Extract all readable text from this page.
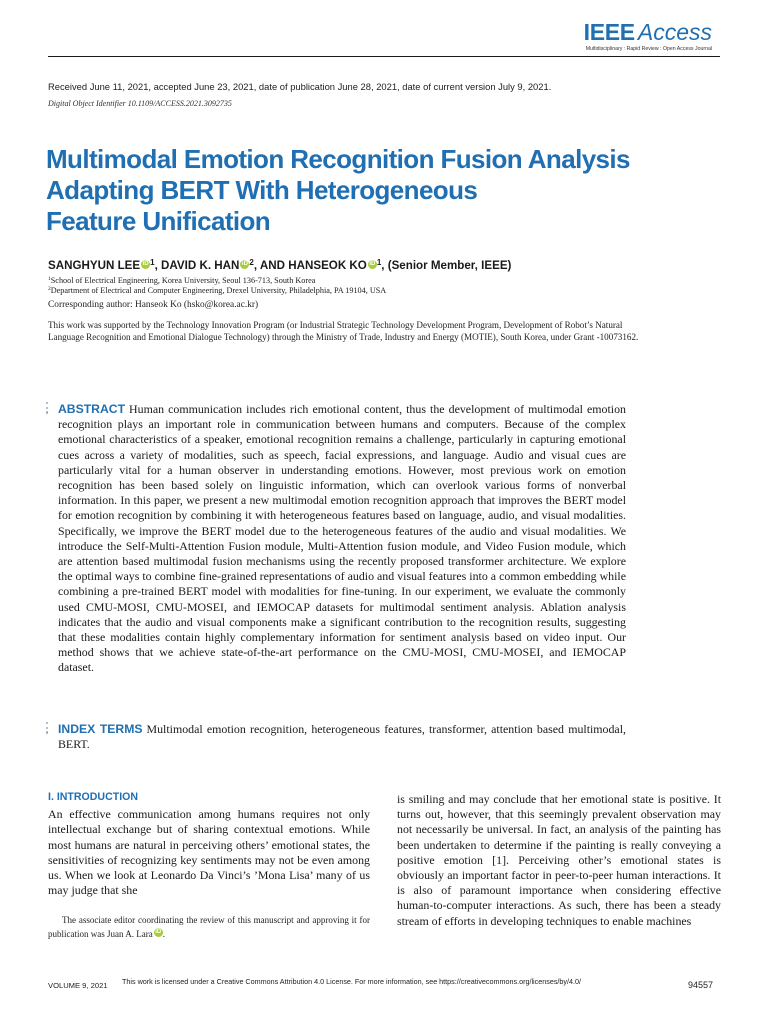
IEEE Access
Multidisciplinary : Rapid Review : Open Access Journal
Received June 11, 2021, accepted June 23, 2021, date of publication June 28, 2021, date of current version July 9, 2021.
Digital Object Identifier 10.1109/ACCESS.2021.3092735
Multimodal Emotion Recognition Fusion Analysis
Adapting BERT With Heterogeneous
Feature Unification
SANGHYUN LEE iD $^1$, DAVID K. HAN iD $^2$, AND HANSEOK KO iD $^1$, (Senior Member, IEEE)
$^1$School of Electrical Engineering, Korea University, Seoul 136-713, South Korea
$^2$Department of Electrical and Computer Engineering, Drexel University, Philadelphia, PA 19104, USA
Corresponding author: Hanseok Ko (hsko@korea.ac.kr)
This work was supported by the Technology Innovation Program (or Industrial Strategic Technology Development Program, Development of Robot’s Natural Language Recognition and Emotional Dialogue Technology) through the Ministry of Trade, Industry and Energy (MOTIE), South Korea, under Grant -10073162.

ABSTRACT Human communication includes rich emotional content, thus the development of multimodal emotion recognition plays an important role in communication between humans and computers. Because of the complex emotional characteristics of a speaker, emotional recognition remains a challenge, particularly in capturing emotional cues across a variety of modalities, such as speech, facial expressions, and language. Audio and visual cues are particularly vital for a human observer in understanding emotions. However, most previous work on emotion recognition has been based solely on linguistic information, which can overlook various forms of nonverbal information. In this paper, we present a new multimodal emotion recognition approach that improves the BERT model for emotion recognition by combining it with heterogeneous features based on language, audio, and visual modalities. Specifically, we improve the BERT model due to the heterogeneous features of the audio and visual modalities. We introduce the Self-Multi-Attention Fusion module, Multi-Attention fusion module, and Video Fusion module, which are attention based multimodal fusion mechanisms using the recently proposed transformer architecture. We explore the optimal ways to combine fine-grained representations of audio and visual features into a common embedding while combining a pre-trained BERT model with modalities for fine-tuning. In our experiment, we evaluate the commonly used CMU-MOSI, CMU-MOSEI, and IEMOCAP datasets for multimodal sentiment analysis. Ablation analysis indicates that the audio and visual components make a significant contribution to the recognition results, suggesting that these modalities contain highly complementary information for sentiment analysis based on video input. Our method shows that we achieve state-of-the-art performance on the CMU-MOSI, CMU-MOSEI, and IEMOCAP dataset.

INDEX TERMS Multimodal emotion recognition, heterogeneous features, transformer, attention based multimodal, BERT.

I. INTRODUCTION

An effective communication among humans requires not only intellectual exchange but of sharing contextual emotions. While most humans are natural in perceiving others’ emotional states, the sensitivities of recognizing key sentiments may not be even among us. When we look at Leonardo Da Vinci’s ’Mona Lisa’ many of us may judge that she

is smiling and may conclude that her emotional state is positive. It turns out, however, that this seemingly prevalent observation may not necessarily be universal. In fact, an analysis of the painting has been undertaken to determine if the painting is really conveying a positive emotion [1]. Perceiving other’s emotional states is obviously an important factor in peer-to-peer human interactions. It is also of paramount importance when considering effective human-to-computer interactions. As such, there has been a steady stream of efforts in developing techniques to enable machines

The associate editor coordinating the review of this manuscript and approving it for publication was Juan A. Lara iD .
VOLUME 9, 2021 This work is licensed under a Creative Commons Attribution 4.0 License. For more information, see https://creativecommons.org/licenses/by/4.0/	94557
